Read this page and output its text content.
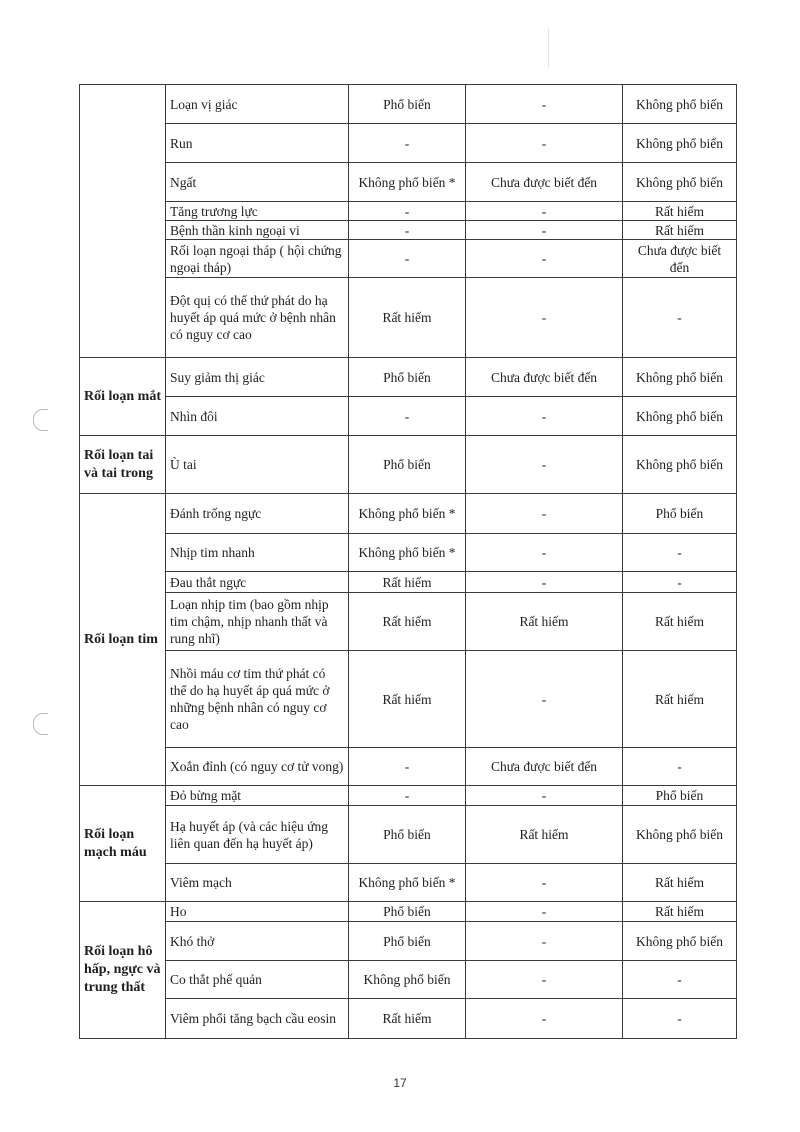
	Loạn vị giác	Phổ biến	-	Không phổ biến
	Run	-	-	Không phổ biến
	Ngất	Không phổ biến *	Chưa được biết đến	Không phổ biến
	Tăng trương lực	-	-	Rất hiếm
	Bệnh thần kinh ngoại vi	-	-	Rất hiếm
	Rối loạn ngoại tháp ( hội chứng ngoại tháp)	-	-	Chưa được biết đến
	Đột quị có thể thứ phát do hạ huyết áp quá mức ở bệnh nhân có nguy cơ cao	Rất hiếm	-	-
Rối loạn mắt	Suy giảm thị giác	Phổ biến	Chưa được biết đến	Không phổ biến
	Nhìn đôi	-	-	Không phổ biến
Rối loạn tai và tai trong	Ù tai	Phổ biến	-	Không phổ biến
Rối loạn tim	Đánh trống ngực	Không phổ biến *	-	Phổ biến
	Nhịp tim nhanh	Không phổ biến *	-	-
	Đau thắt ngực	Rất hiếm	-	-
	Loạn nhịp tim (bao gồm nhịp tim chậm, nhịp nhanh thất và rung nhĩ)	Rất hiếm	Rất hiếm	Rất hiếm
	Nhồi máu cơ tim thứ phát có thể do hạ huyết áp quá mức ở những bệnh nhân có nguy cơ cao	Rất hiếm	-	Rất hiếm
	Xoắn đỉnh (có nguy cơ tử vong)	-	Chưa được biết đến	-
Rối loạn mạch máu	Đỏ bừng mặt	-	-	Phổ biến
	Hạ huyết áp (và các hiệu ứng liên quan đến hạ huyết áp)	Phổ biến	Rất hiếm	Không phổ biến
	Viêm mạch	Không phổ biến *	-	Rất hiếm
Rối loạn hô hấp, ngực và trung thất	Ho	Phổ biến	-	Rất hiếm
	Khó thở	Phổ biến	-	Không phổ biến
	Co thắt phế quản	Không phổ biến	-	-
	Viêm phổi tăng bạch cầu eosin	Rất hiếm	-	-
17
